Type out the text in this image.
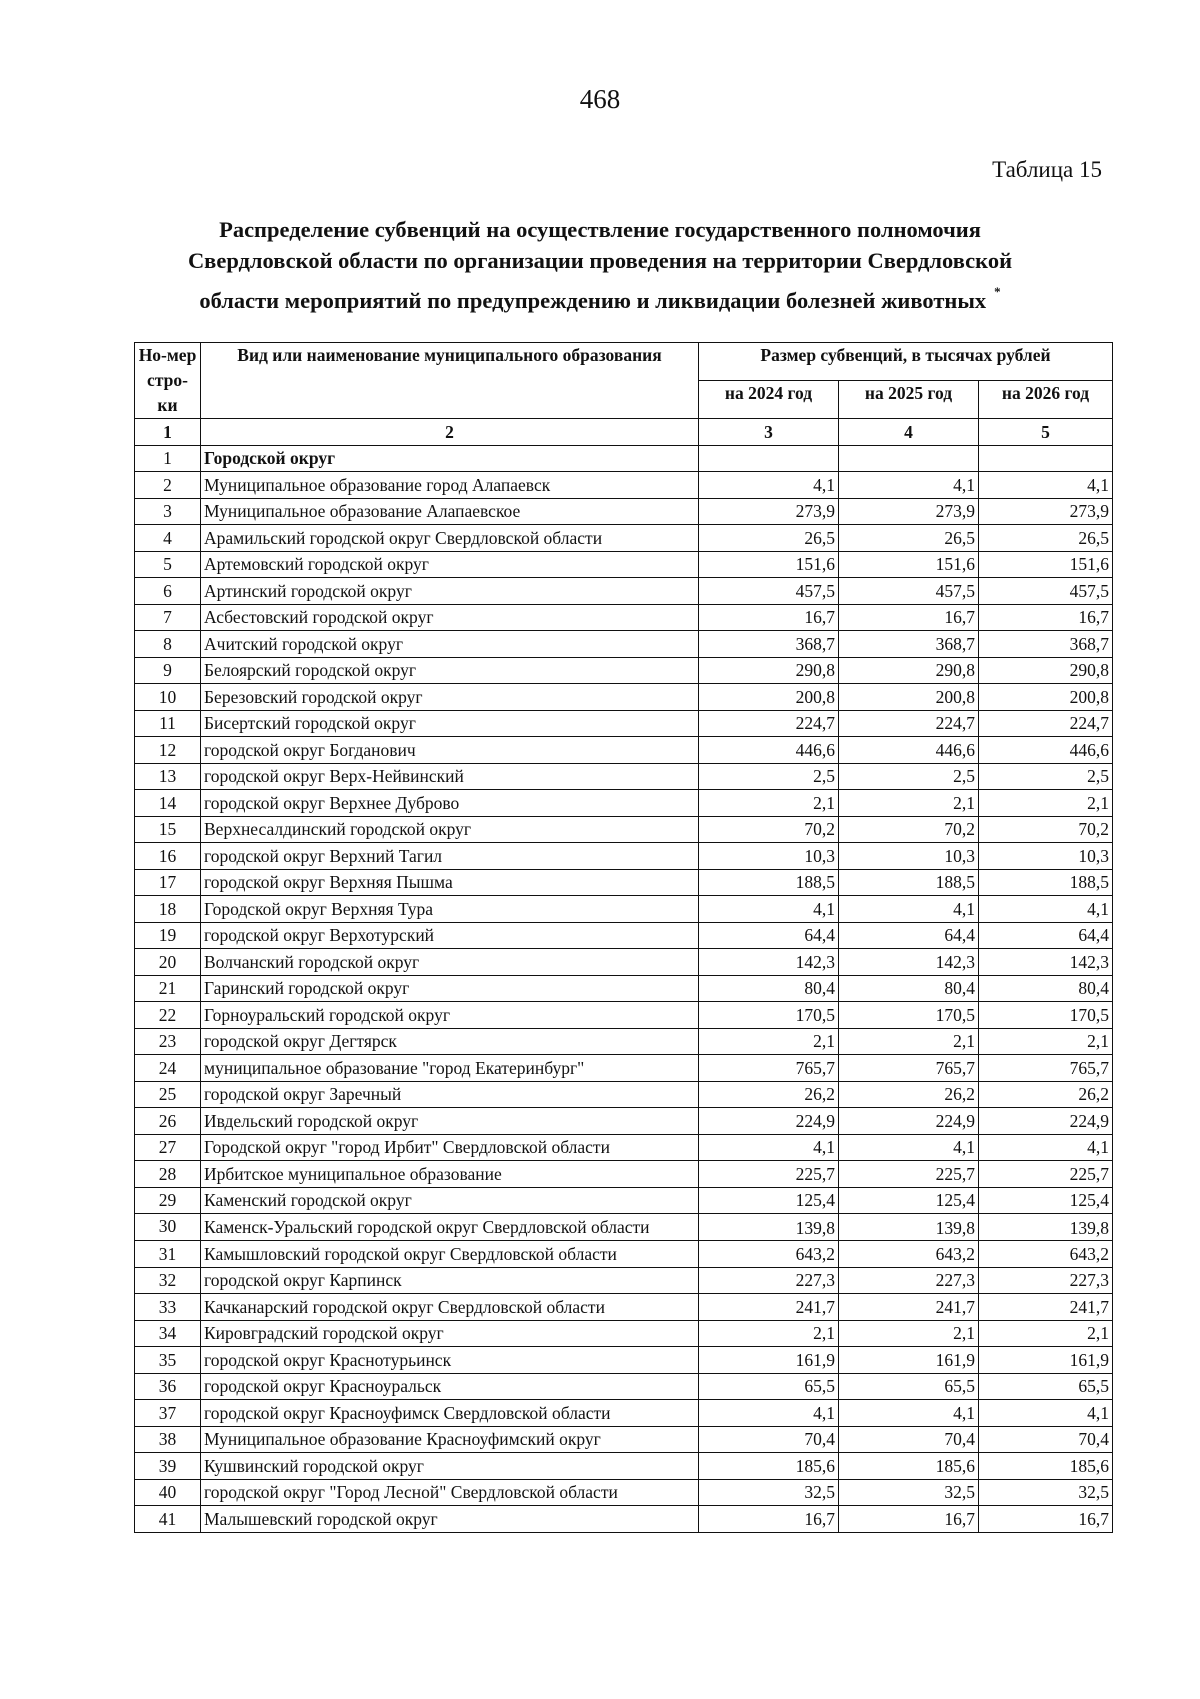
468
Таблица 15
Распределение субвенций на осуществление государственного полномочия
Свердловской области по организации проведения на территории Свердловской
области мероприятий по предупреждению и ликвидации болезней животных *
Но-мер стро-ки	Вид или наименование муниципального образования	Размер субвенций, в тысячах рублей		
		на 2024 год	на 2025 год	на 2026 год
1	2	3	4	5
1	Городской округ			
2	Муниципальное образование город Алапаевск	4,1	4,1	4,1
3	Муниципальное образование Алапаевское	273,9	273,9	273,9
4	Арамильский городской округ Свердловской области	26,5	26,5	26,5
5	Артемовский городской округ	151,6	151,6	151,6
6	Артинский городской округ	457,5	457,5	457,5
7	Асбестовский городской округ	16,7	16,7	16,7
8	Ачитский городской округ	368,7	368,7	368,7
9	Белоярский городской округ	290,8	290,8	290,8
10	Березовский городской округ	200,8	200,8	200,8
11	Бисертский городской округ	224,7	224,7	224,7
12	городской округ Богданович	446,6	446,6	446,6
13	городской округ Верх-Нейвинский	2,5	2,5	2,5
14	городской округ Верхнее Дуброво	2,1	2,1	2,1
15	Верхнесалдинский городской округ	70,2	70,2	70,2
16	городской округ Верхний Тагил	10,3	10,3	10,3
17	городской округ Верхняя Пышма	188,5	188,5	188,5
18	Городской округ Верхняя Тура	4,1	4,1	4,1
19	городской округ Верхотурский	64,4	64,4	64,4
20	Волчанский городской округ	142,3	142,3	142,3
21	Гаринский городской округ	80,4	80,4	80,4
22	Горноуральский городской округ	170,5	170,5	170,5
23	городской округ Дегтярск	2,1	2,1	2,1
24	муниципальное образование "город Екатеринбург"	765,7	765,7	765,7
25	городской округ Заречный	26,2	26,2	26,2
26	Ивдельский городской округ	224,9	224,9	224,9
27	Городской округ "город Ирбит" Свердловской области	4,1	4,1	4,1
28	Ирбитское муниципальное образование	225,7	225,7	225,7
29	Каменский городской округ	125,4	125,4	125,4
30	Каменск-Уральский городской округ Свердловской области	139,8	139,8	139,8
31	Камышловский городской округ Свердловской области	643,2	643,2	643,2
32	городской округ Карпинск	227,3	227,3	227,3
33	Качканарский городской округ Свердловской области	241,7	241,7	241,7
34	Кировградский городской округ	2,1	2,1	2,1
35	городской округ Краснотурьинск	161,9	161,9	161,9
36	городской округ Красноуральск	65,5	65,5	65,5
37	городской округ Красноуфимск Свердловской области	4,1	4,1	4,1
38	Муниципальное образование Красноуфимский округ	70,4	70,4	70,4
39	Кушвинский городской округ	185,6	185,6	185,6
40	городской округ "Город Лесной" Свердловской области	32,5	32,5	32,5
41	Малышевский городской округ	16,7	16,7	16,7
